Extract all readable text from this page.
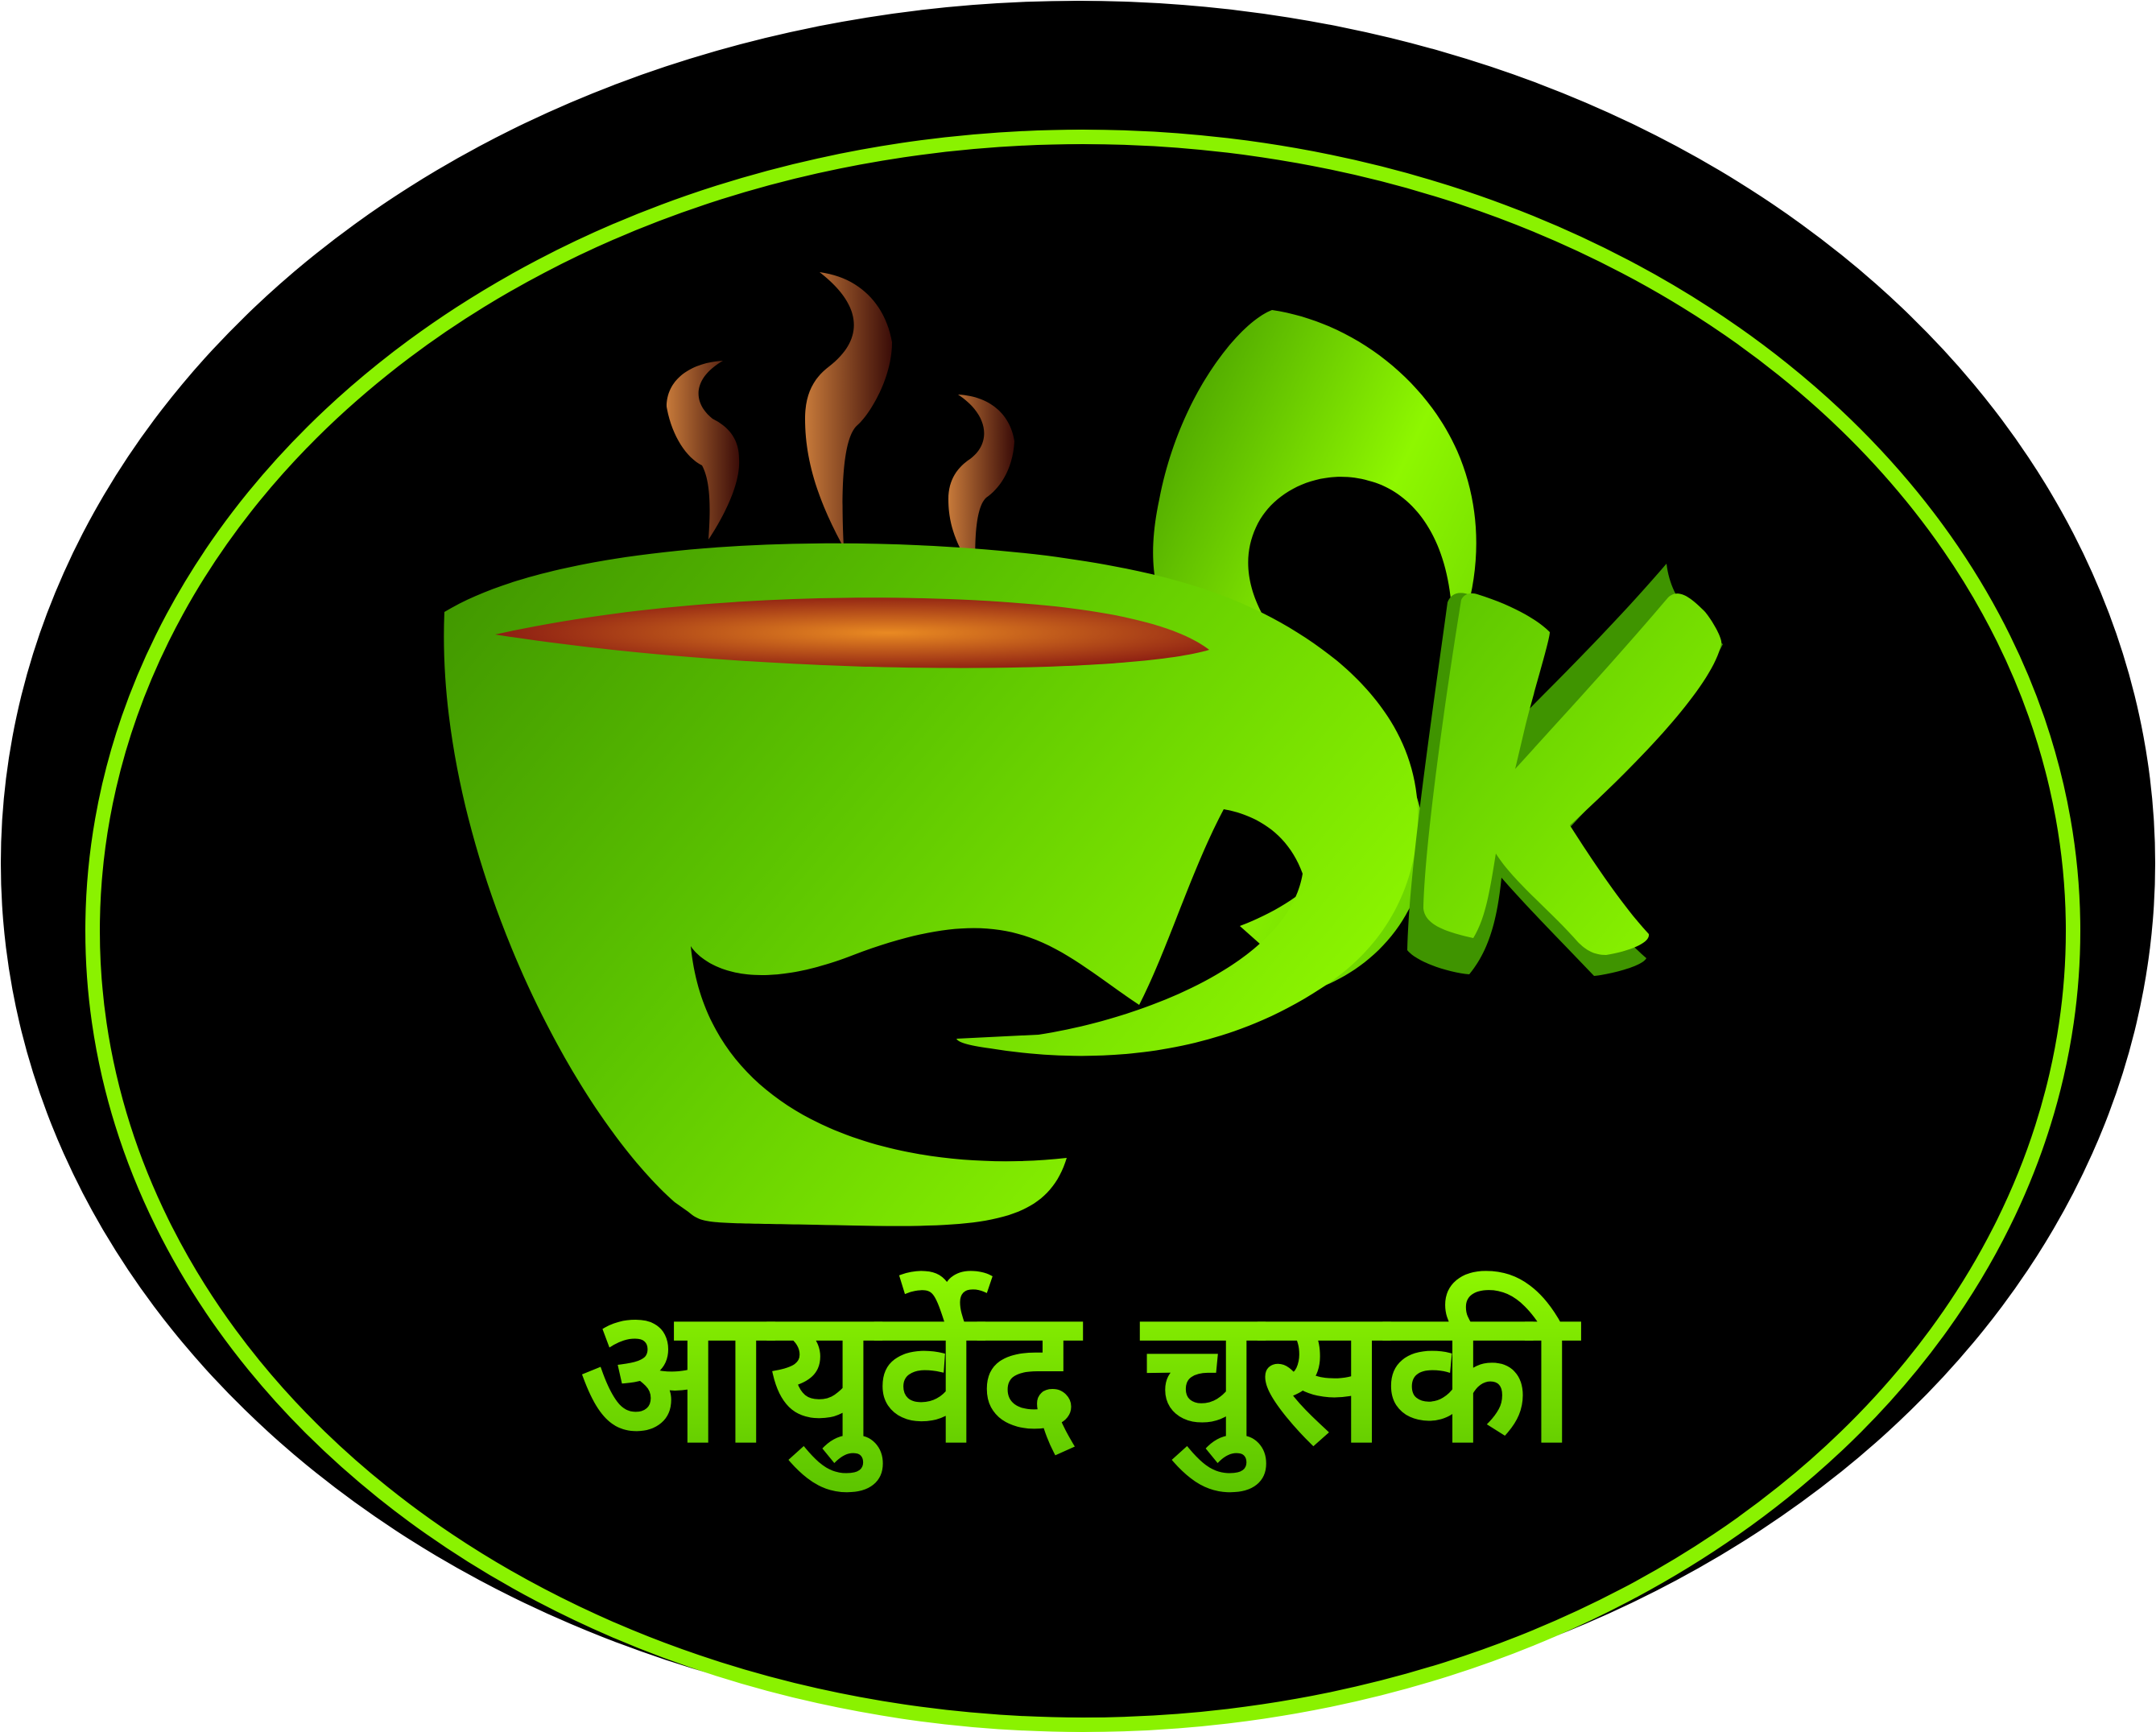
आयुर्वेद चुसकी
